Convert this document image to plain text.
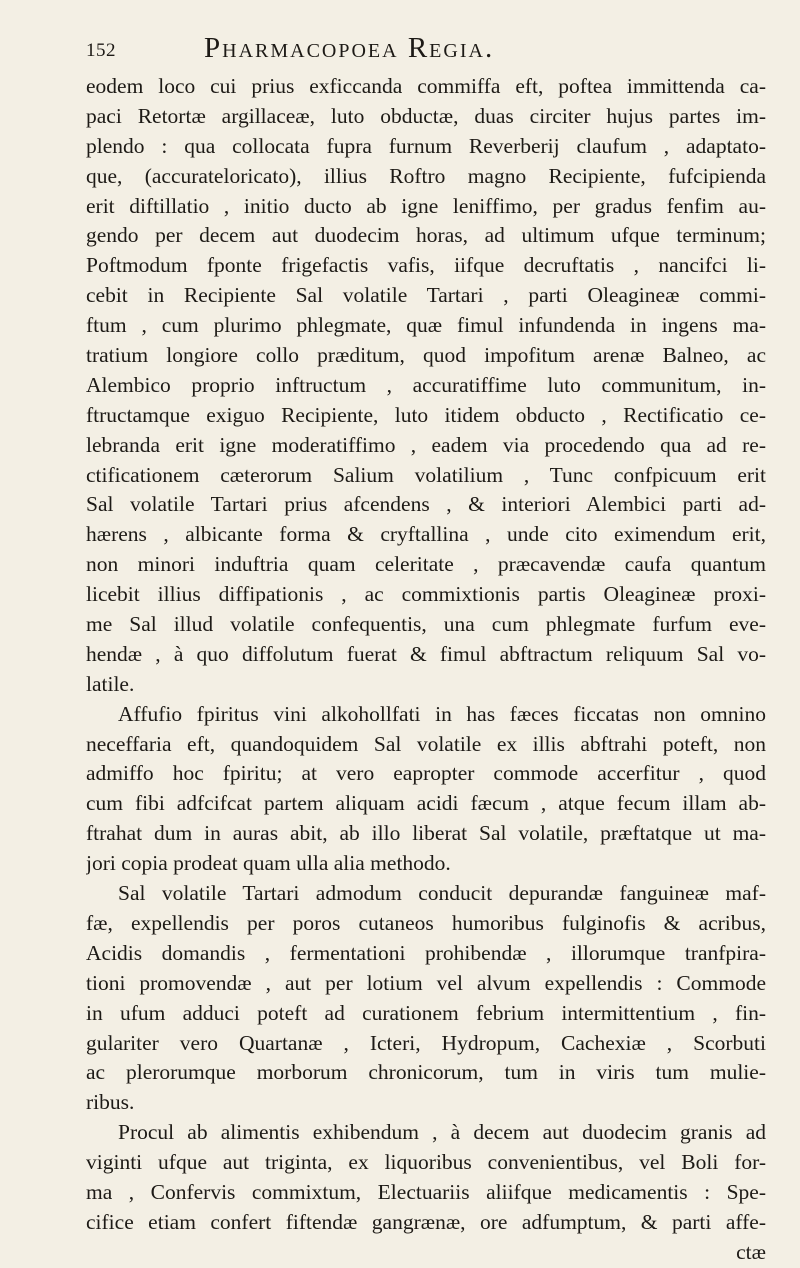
152	Pharmacopoea Regia.
eodem loco cui prius exficcanda commiffa eft, poftea immittenda ca-
paci Retortæ argillaceæ, luto obductæ, duas circiter hujus partes im-
plendo : qua collocata fupra furnum Reverberij claufum , adaptato-
que, (accuratelοricato), illius Roftro magno Recipiente, fufcipienda
erit diftillatio , initio ducto ab igne leniffimo, per gradus fenfim au-
gendo per decem aut duodecim horas, ad ultimum ufque terminum;
Poftmodum fponte frigefactis vafis, iifque decruftatis , nancifci li-
cebit in Recipiente Sal volatile Tartari , parti Oleagineæ commi-
ftum , cum plurimo phlegmate, quæ fimul infundenda in ingens ma-
tratium longiore collo præditum, quod impofitum arenæ Balneo, ac
Alembico proprio inftructum , accuratiffime luto communitum, in-
ftructamque exiguo Recipiente, luto itidem obducto , Rectificatio ce-
lebranda erit igne moderatiffimo , eadem via procedendo qua ad re-
ctificationem cæterorum Salium volatilium , Tunc confpicuum erit
Sal volatile Tartari prius afcendens , & interiori Alembici parti ad-
hærens , albicante forma & cryftallina , unde cito eximendum erit,
non minori induftria quam celeritate , præcavendæ caufa quantum
licebit illius diffipationis , ac commixtionis partis Oleagineæ proxi-
me Sal illud volatile confequentis, una cum phlegmate furfum eve-
hendæ , à quo diffolutum fuerat & fimul abftractum reliquum Sal vo-
latile.
Affufio fpiritus vini alkohollfati in has fæces ficcatas non omnino
neceffaria eft, quandoquidem Sal volatile ex illis abftrahi poteft, non
admiffo hoc fpiritu; at vero eapropter commode accerfitur , quod
cum fibi adfcifcat partem aliquam acidi fæcum , atque fecum illam ab-
ftrahat dum in auras abit, ab illo liberat Sal volatile, præftatque ut ma-
jori copia prodeat quam ulla alia methodo.
Sal volatile Tartari admodum conducit depurandæ fanguineæ maf-
fæ, expellendis per poros cutaneos humoribus fulginofis & acribus,
Acidis domandis , fermentationi prohibendæ , illorumque tranfpira-
tioni promovendæ , aut per lotium vel alvum expellendis : Commode
in ufum adduci poteft ad curationem febrium intermittentium , fin-
gulariter vero Quartanæ , Icteri, Hydropum, Cachexiæ , Scorbuti
ac plerorumque morborum chronicorum, tum in viris tum mulie-
ribus.
Procul ab alimentis exhibendum , à decem aut duodecim granis ad
viginti ufque aut triginta, ex liquoribus convenientibus, vel Boli for-
ma , Confervis commixtum, Electuariis aliifque medicamentis : Spe-
cifice etiam confert fiftendæ gangrænæ, ore adfumptum, & parti affe-
ctæ
